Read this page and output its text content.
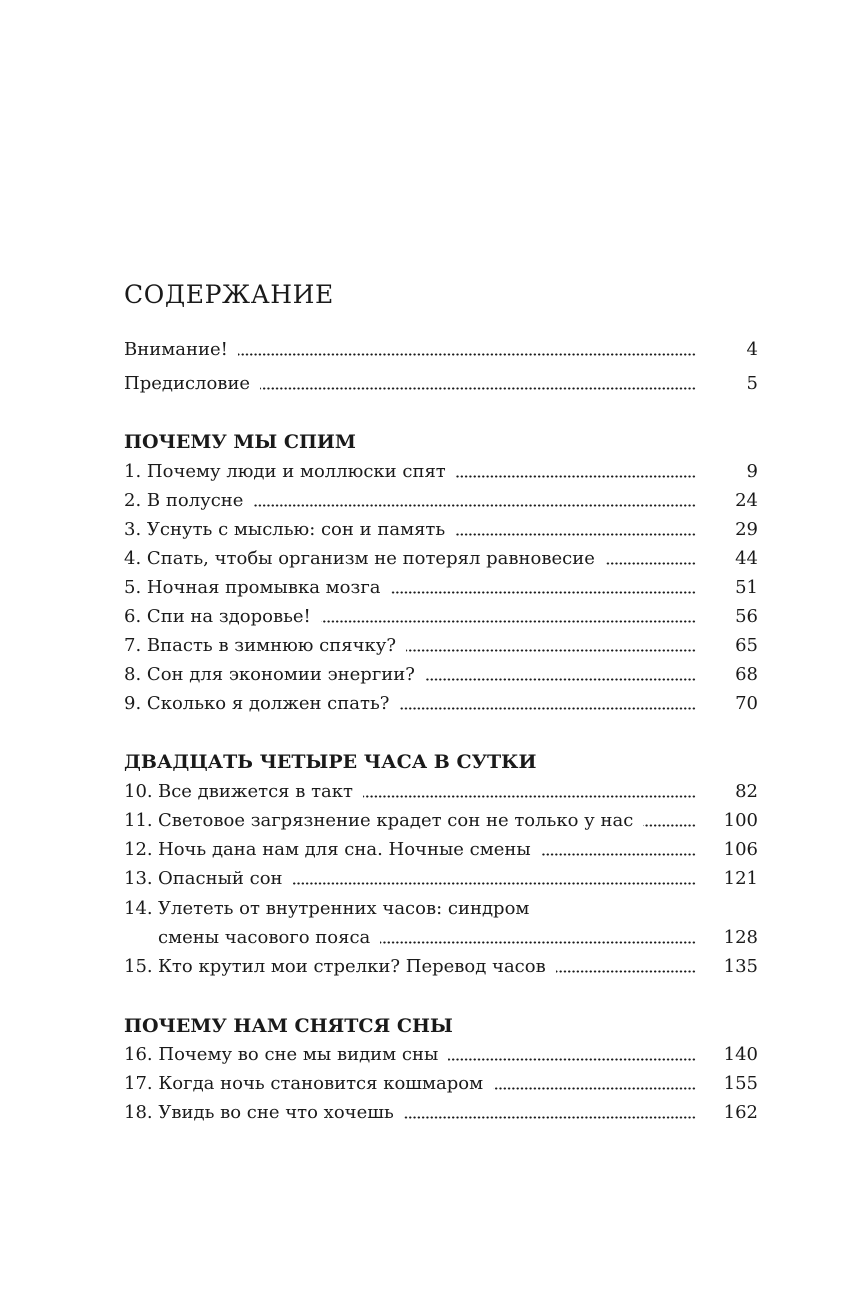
СОДЕРЖАНИЕ
Внимание!	4
Предисловие	5
ПОЧЕМУ МЫ СПИМ
1. Почему люди и моллюски спят	9
2. В полусне	24
3. Уснуть с мыслью: сон и память	29
4. Спать, чтобы организм не потерял равновесие	44
5. Ночная промывка мозга	51
6. Спи на здоровье!	56
7. Впасть в зимнюю спячку?	65
8. Сон для экономии энергии?	68
9. Сколько я должен спать?	70
ДВАДЦАТЬ ЧЕТЫРЕ ЧАСА В СУТКИ
10. Все движется в такт	82
11. Световое загрязнение крадет сон не только у нас	100
12. Ночь дана нам для сна. Ночные смены	106
13. Опасный сон	121
14. Улететь от внутренних часов: синдром
смены часового пояса	128
15. Кто крутил мои стрелки? Перевод часов	135
ПОЧЕМУ НАМ СНЯТСЯ СНЫ
16. Почему во сне мы видим сны	140
17. Когда ночь становится кошмаром	155
18. Увидь во сне что хочешь	162
